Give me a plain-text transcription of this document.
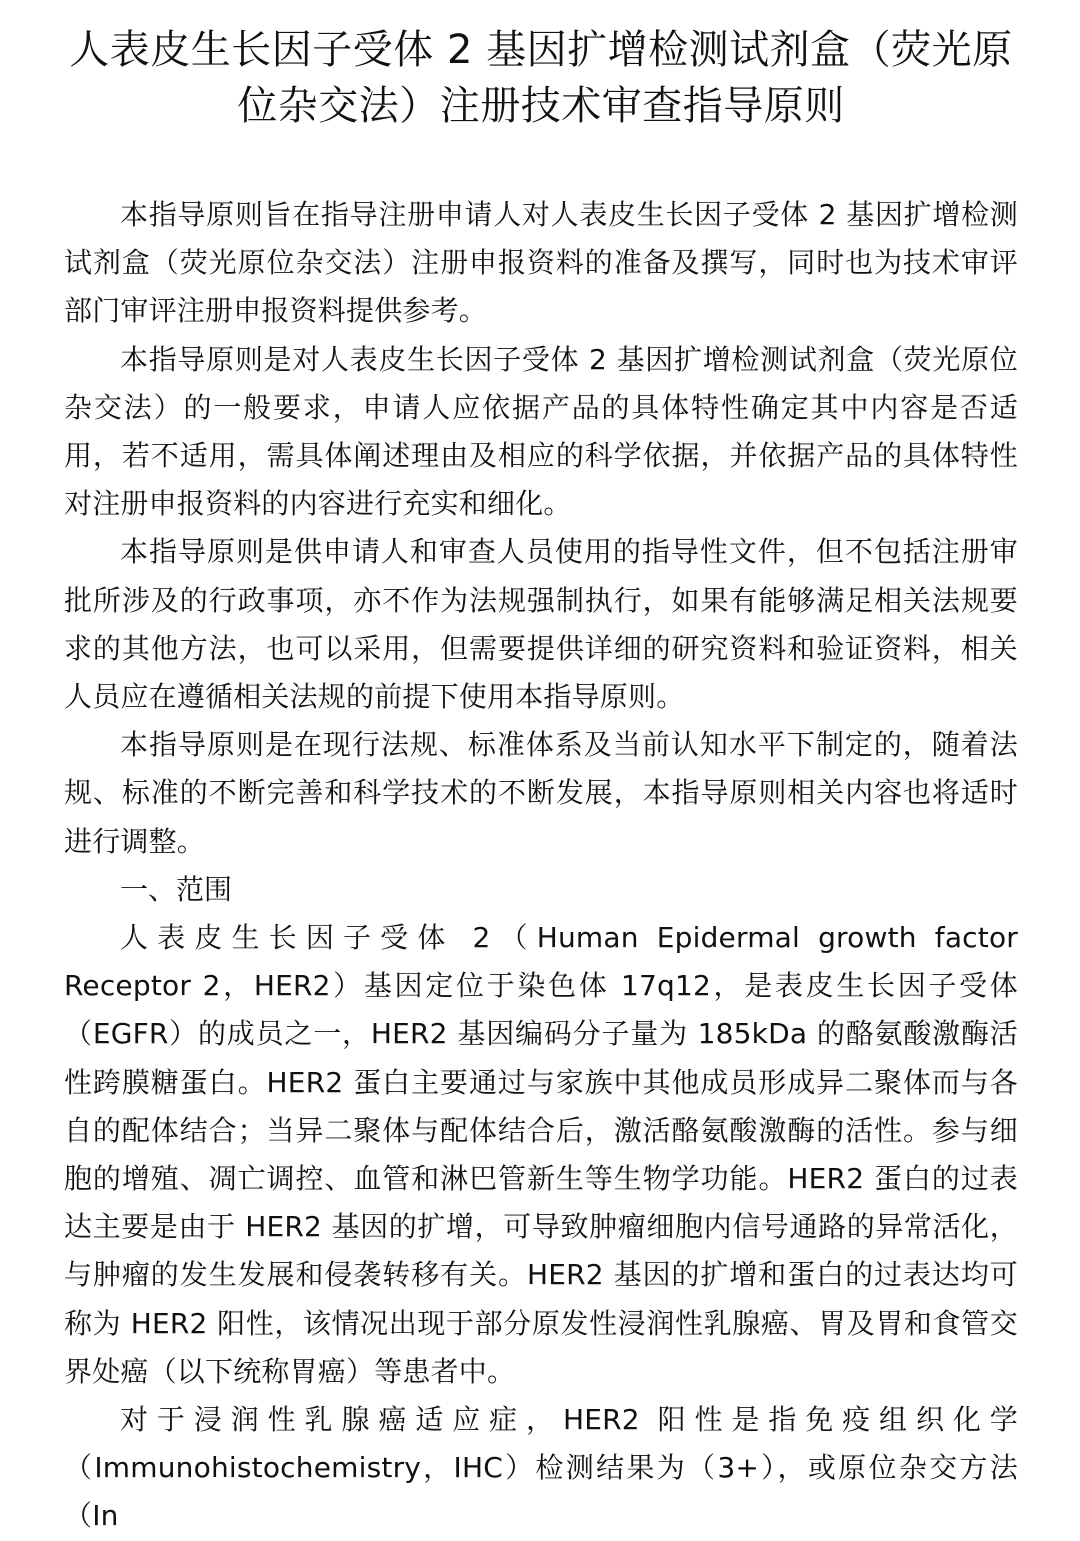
人表皮生长因子受体 2 基因扩增检测试剂盒（荧光原位杂交法）注册技术审查指导原则

本指导原则旨在指导注册申请人对人表皮生长因子受体 2 基因扩增检测试剂盒（荧光原位杂交法）注册申报资料的准备及撰写，同时也为技术审评部门审评注册申报资料提供参考。

本指导原则是对人表皮生长因子受体 2 基因扩增检测试剂盒（荧光原位杂交法）的一般要求，申请人应依据产品的具体特性确定其中内容是否适用，若不适用，需具体阐述理由及相应的科学依据，并依据产品的具体特性对注册申报资料的内容进行充实和细化。

本指导原则是供申请人和审查人员使用的指导性文件，但不包括注册审批所涉及的行政事项，亦不作为法规强制执行，如果有能够满足相关法规要求的其他方法，也可以采用，但需要提供详细的研究资料和验证资料，相关人员应在遵循相关法规的前提下使用本指导原则。

本指导原则是在现行法规、标准体系及当前认知水平下制定的，随着法规、标准的不断完善和科学技术的不断发展，本指导原则相关内容也将适时进行调整。

一、范围

人表皮生长因子受体 2（Human Epidermal growth factor Receptor 2，HER2）基因定位于染色体 17q12，是表皮生长因子受体（EGFR）的成员之一，HER2 基因编码分子量为 185kDa 的酪氨酸激酶活性跨膜糖蛋白。HER2 蛋白主要通过与家族中其他成员形成异二聚体而与各自的配体结合；当异二聚体与配体结合后，激活酪氨酸激酶的活性。参与细胞的增殖、凋亡调控、血管和淋巴管新生等生物学功能。HER2 蛋白的过表达主要是由于 HER2 基因的扩增，可导致肿瘤细胞内信号通路的异常活化，与肿瘤的发生发展和侵袭转移有关。HER2 基因的扩增和蛋白的过表达均可称为 HER2 阳性，该情况出现于部分原发性浸润性乳腺癌、胃及胃和食管交界处癌（以下统称胃癌）等患者中。

对于浸润性乳腺癌适应症，HER2 阳性是指免疫组织化学（Immunohistochemistry，IHC）检测结果为（3+），或原位杂交方法（In
